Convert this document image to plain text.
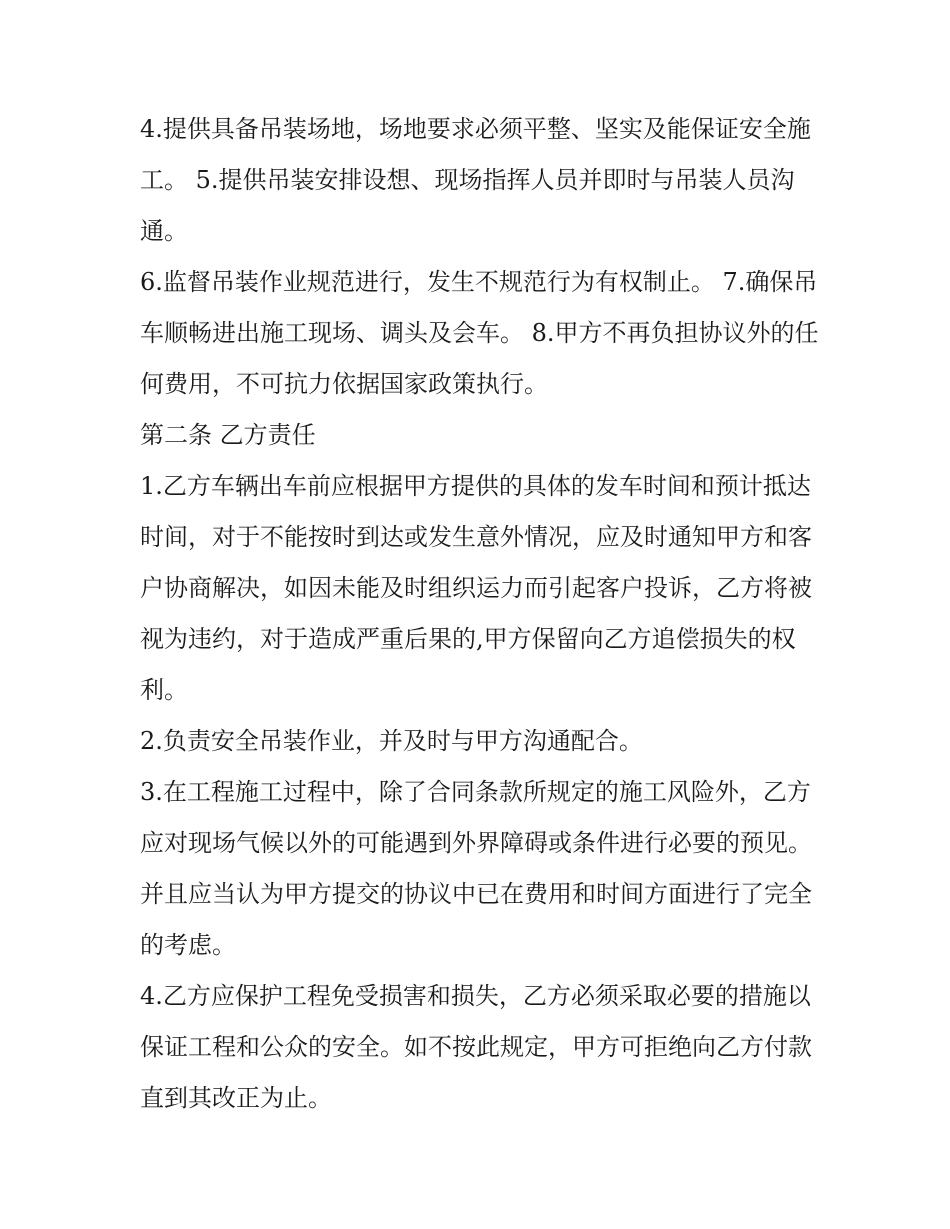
4.提供具备吊装场地，场地要求必须平整、坚实及能保证安全施工。 5.提供吊装安排设想、现场指挥人员并即时与吊装人员沟通。

6.监督吊装作业规范进行，发生不规范行为有权制止。 7.确保吊车顺畅进出施工现场、调头及会车。 8.甲方不再负担协议外的任何费用，不可抗力依据国家政策执行。

第二条 乙方责任

1.乙方车辆出车前应根据甲方提供的具体的发车时间和预计抵达时间，对于不能按时到达或发生意外情况，应及时通知甲方和客户协商解决，如因未能及时组织运力而引起客户投诉，乙方将被视为违约，对于造成严重后果的,甲方保留向乙方追偿损失的权利。

2.负责安全吊装作业，并及时与甲方沟通配合。

3.在工程施工过程中，除了合同条款所规定的施工风险外，乙方应对现场气候以外的可能遇到外界障碍或条件进行必要的预见。并且应当认为甲方提交的协议中已在费用和时间方面进行了完全的考虑。

4.乙方应保护工程免受损害和损失，乙方必须采取必要的措施以保证工程和公众的安全。如不按此规定，甲方可拒绝向乙方付款直到其改正为止。
